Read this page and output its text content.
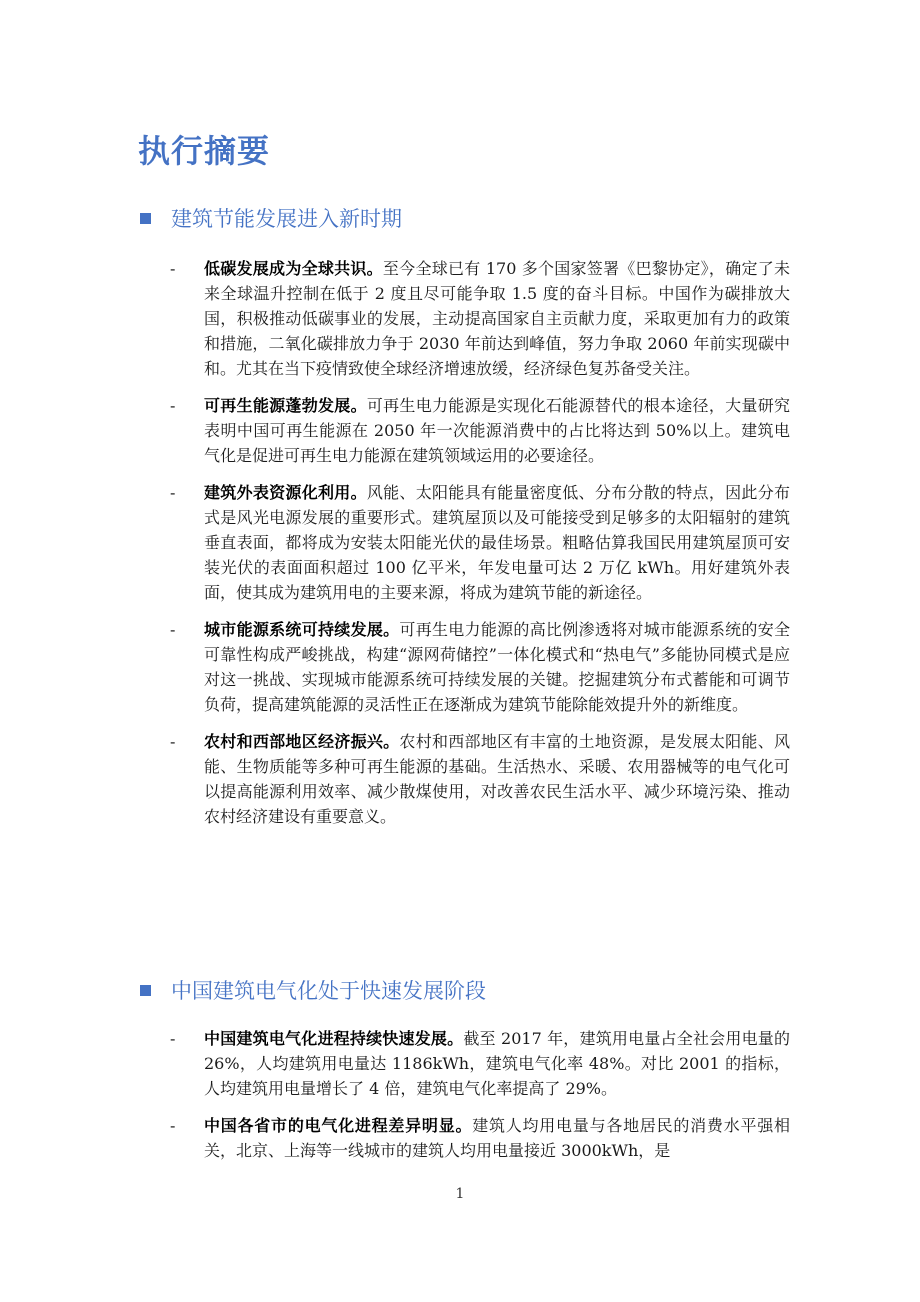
执行摘要
建筑节能发展进入新时期
- 低碳发展成为全球共识。至今全球已有 170 多个国家签署《巴黎协定》，确定了未来全球温升控制在低于 2 度且尽可能争取 1.5 度的奋斗目标。中国作为碳排放大国，积极推动低碳事业的发展，主动提高国家自主贡献力度，采取更加有力的政策和措施，二氧化碳排放力争于 2030 年前达到峰值，努力争取 2060 年前实现碳中和。尤其在当下疫情致使全球经济增速放缓，经济绿色复苏备受关注。
- 可再生能源蓬勃发展。可再生电力能源是实现化石能源替代的根本途径，大量研究表明中国可再生能源在 2050 年一次能源消费中的占比将达到 50%以上。建筑电气化是促进可再生电力能源在建筑领域运用的必要途径。
- 建筑外表资源化利用。风能、太阳能具有能量密度低、分布分散的特点，因此分布式是风光电源发展的重要形式。建筑屋顶以及可能接受到足够多的太阳辐射的建筑垂直表面，都将成为安装太阳能光伏的最佳场景。粗略估算我国民用建筑屋顶可安装光伏的表面面积超过 100 亿平米，年发电量可达 2 万亿 kWh。用好建筑外表面，使其成为建筑用电的主要来源，将成为建筑节能的新途径。
- 城市能源系统可持续发展。可再生电力能源的高比例渗透将对城市能源系统的安全可靠性构成严峻挑战，构建“源网荷储控”一体化模式和“热电气”多能协同模式是应对这一挑战、实现城市能源系统可持续发展的关键。挖掘建筑分布式蓄能和可调节负荷，提高建筑能源的灵活性正在逐渐成为建筑节能除能效提升外的新维度。
- 农村和西部地区经济振兴。农村和西部地区有丰富的土地资源，是发展太阳能、风能、生物质能等多种可再生能源的基础。生活热水、采暖、农用器械等的电气化可以提高能源利用效率、减少散煤使用，对改善农民生活水平、减少环境污染、推动农村经济建设有重要意义。
中国建筑电气化处于快速发展阶段
- 中国建筑电气化进程持续快速发展。截至 2017 年，建筑用电量占全社会用电量的 26%，人均建筑用电量达 1186kWh，建筑电气化率 48%。对比 2001 的指标，人均建筑用电量增长了 4 倍，建筑电气化率提高了 29%。
- 中国各省市的电气化进程差异明显。建筑人均用电量与各地居民的消费水平强相关，北京、上海等一线城市的建筑人均用电量接近 3000kWh，是
1
